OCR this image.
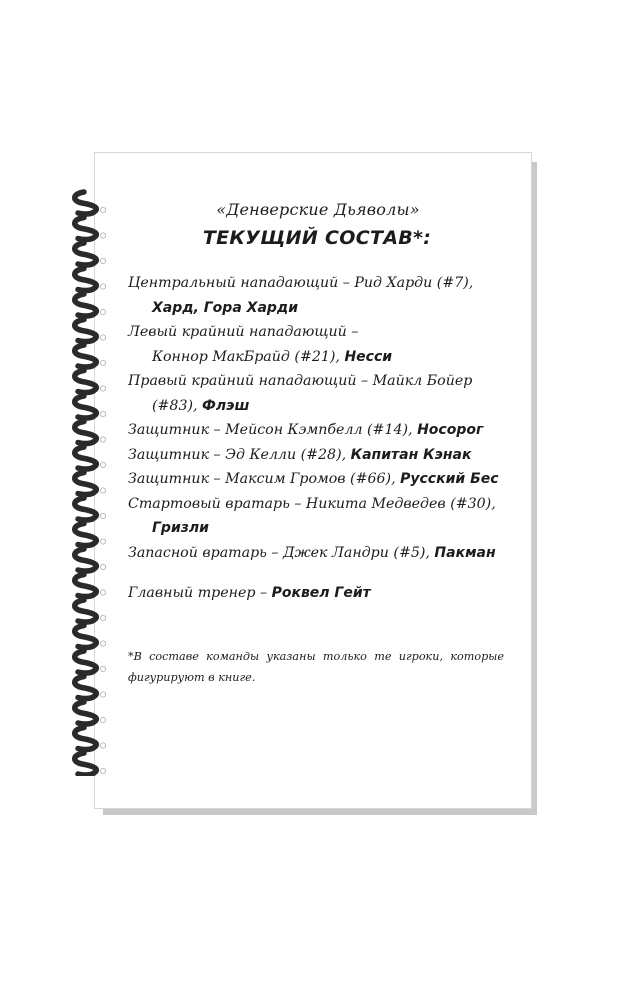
«Денверские Дьяволы»
ТЕКУЩИЙ СОСТАВ*:
Центральный нападающий – Рид Харди (#7),
Хард, Гора Харди
Левый крайний нападающий –
Коннор МакБрайд (#21), Несси
Правый крайний нападающий – Майкл Бойер
(#83), Флэш
Защитник – Мейсон Кэмпбелл (#14), Носорог
Защитник – Эд Келли (#28), Капитан Кэнак
Защитник – Максим Громов (#66), Русский Бес
Стартовый вратарь – Никита Медведев (#30),
Гризли
Запасной вратарь – Джек Ландри (#5), Пакман
Главный тренер – Роквел Гейт
*В составе команды указаны только те игроки, которые фигурируют в книге.
